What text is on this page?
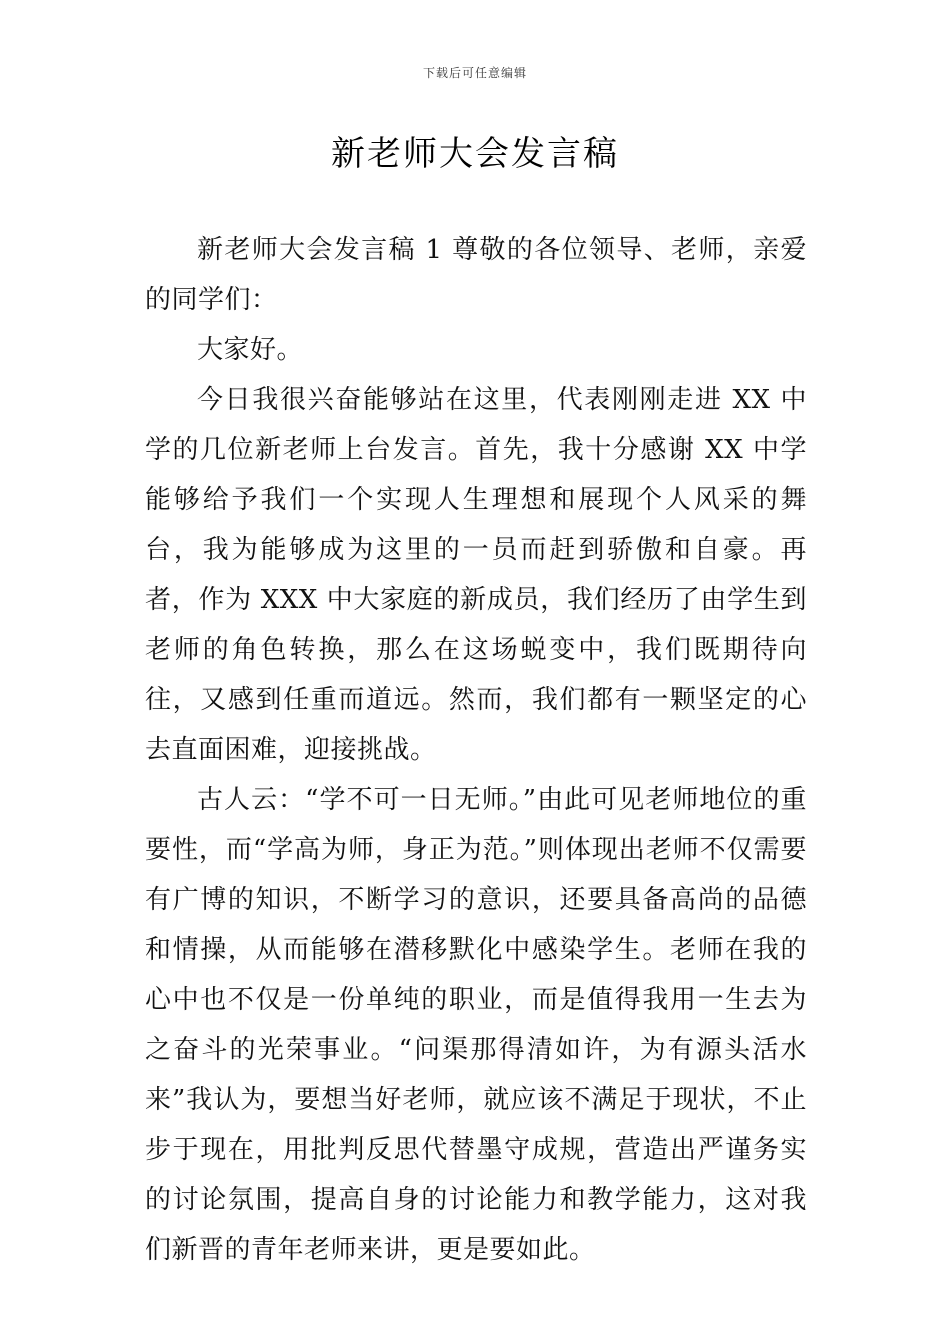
下载后可任意编辑
新老师大会发言稿

新老师大会发言稿 1 尊敬的各位领导、老师，亲爱的同学们：

大家好。

今日我很兴奋能够站在这里，代表刚刚走进 XX 中学的几位新老师上台发言。首先，我十分感谢 XX 中学能够给予我们一个实现人生理想和展现个人风采的舞台，我为能够成为这里的一员而赶到骄傲和自豪。再者，作为 XXX 中大家庭的新成员，我们经历了由学生到老师的角色转换，那么在这场蜕变中，我们既期待向往，又感到任重而道远。然而，我们都有一颗坚定的心去直面困难，迎接挑战。

古人云：“学不可一日无师。”由此可见老师地位的重要性，而“学高为师，身正为范。”则体现出老师不仅需要有广博的知识，不断学习的意识，还要具备高尚的品德和情操，从而能够在潜移默化中感染学生。老师在我的心中也不仅是一份单纯的职业，而是值得我用一生去为之奋斗的光荣事业。“问渠那得清如许，为有源头活水来”我认为，要想当好老师，就应该不满足于现状，不止步于现在，用批判反思代替墨守成规，营造出严谨务实的讨论氛围，提高自身的讨论能力和教学能力，这对我们新晋的青年老师来讲，更是要如此。
